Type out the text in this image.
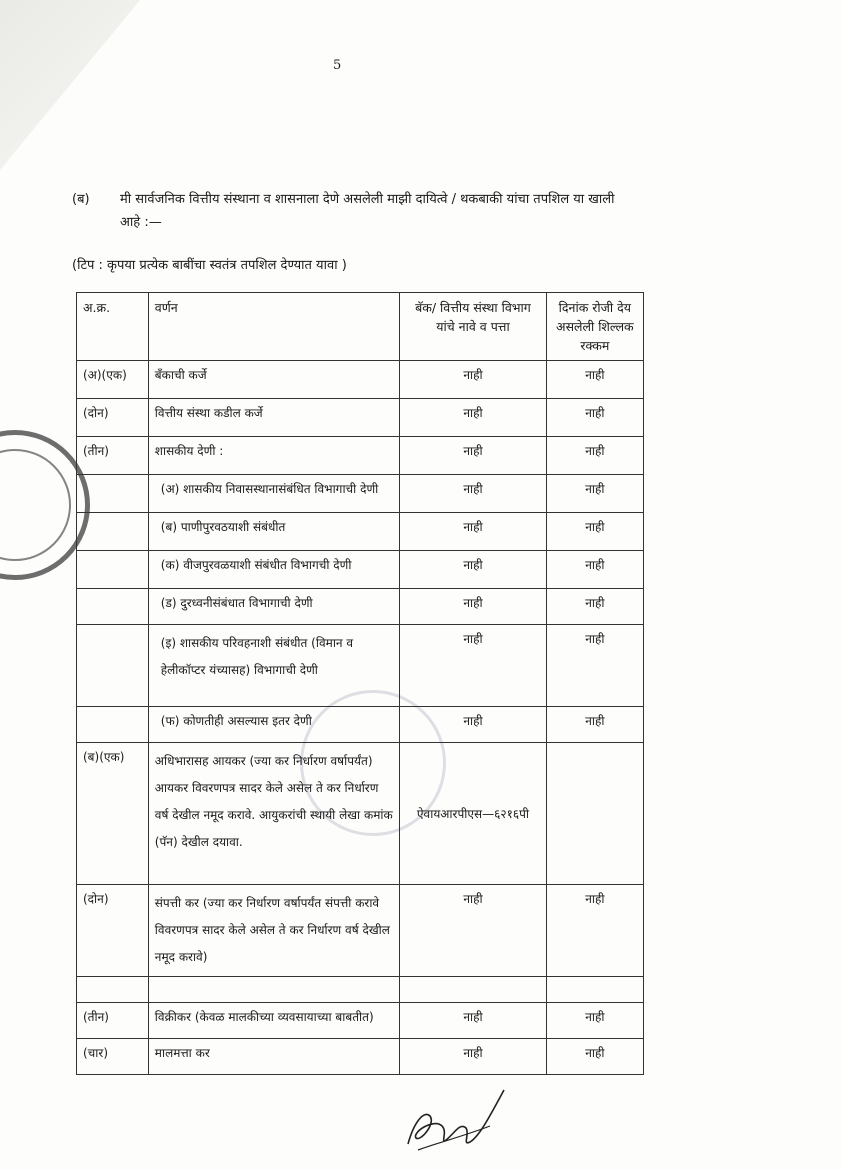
5
(ब) मी सार्वजनिक वित्तीय संस्थाना व शासनाला देणे असलेली माझी दायित्वे / थकबाकी यांचा तपशिल या खाली आहे :—
(टिप : कृपया प्रत्येक बाबींचा स्वतंत्र तपशिल देण्यात यावा )
अ.क्र.	वर्णन	बॅक/ वित्तीय संस्था विभाग यांचे नावे व पत्ता	दिनांक रोजी देय असलेली शिल्लक रक्कम
(अ)(एक)	बॅंकाची कर्जे	नाही	नाही
(दोन)	वित्तीय संस्था कडील कर्जे	नाही	नाही
(तीन)	शासकीय देणी :	नाही	नाही
	(अ) शासकीय निवासस्थानासंबंधित विभागाची देणी	नाही	नाही
	(ब) पाणीपुरवठयाशी संबंधीत	नाही	नाही
	(क) वीजपुरवळयाशी संबंधीत विभागची देणी	नाही	नाही
	(ड) दुरध्वनीसंबंधात विभागाची देणी	नाही	नाही
	(इ) शासकीय परिवहनाशी संबंधीत (विमान व हेलीकॉप्टर यंच्यासह) विभागाची देणी	नाही	नाही
	(फ) कोणतीही असल्यास इतर देणी	नाही	नाही
(ब)(एक)	अधिभारासह आयकर (ज्या कर निर्धारण वर्षापर्यंत) आयकर विवरणपत्र सादर केले असेल ते कर निर्धारण वर्ष देखील नमूद करावे. आयुकरांची स्थायी लेखा कमांक (पॅन) देखील दयावा.	ऐवायआरपीएस—६२१६पी	
(दोन)	संपत्ती कर (ज्या कर निर्धारण वर्षापर्यंत संपत्ती करावे विवरणपत्र सादर केले असेल ते कर निर्धारण वर्ष देखील नमूद करावे)	नाही	नाही

(तीन)	विक्रीकर (केवळ मालकीच्या व्यवसायाच्या बाबतीत)	नाही	नाही
(चार)	मालमत्ता कर	नाही	नाही
